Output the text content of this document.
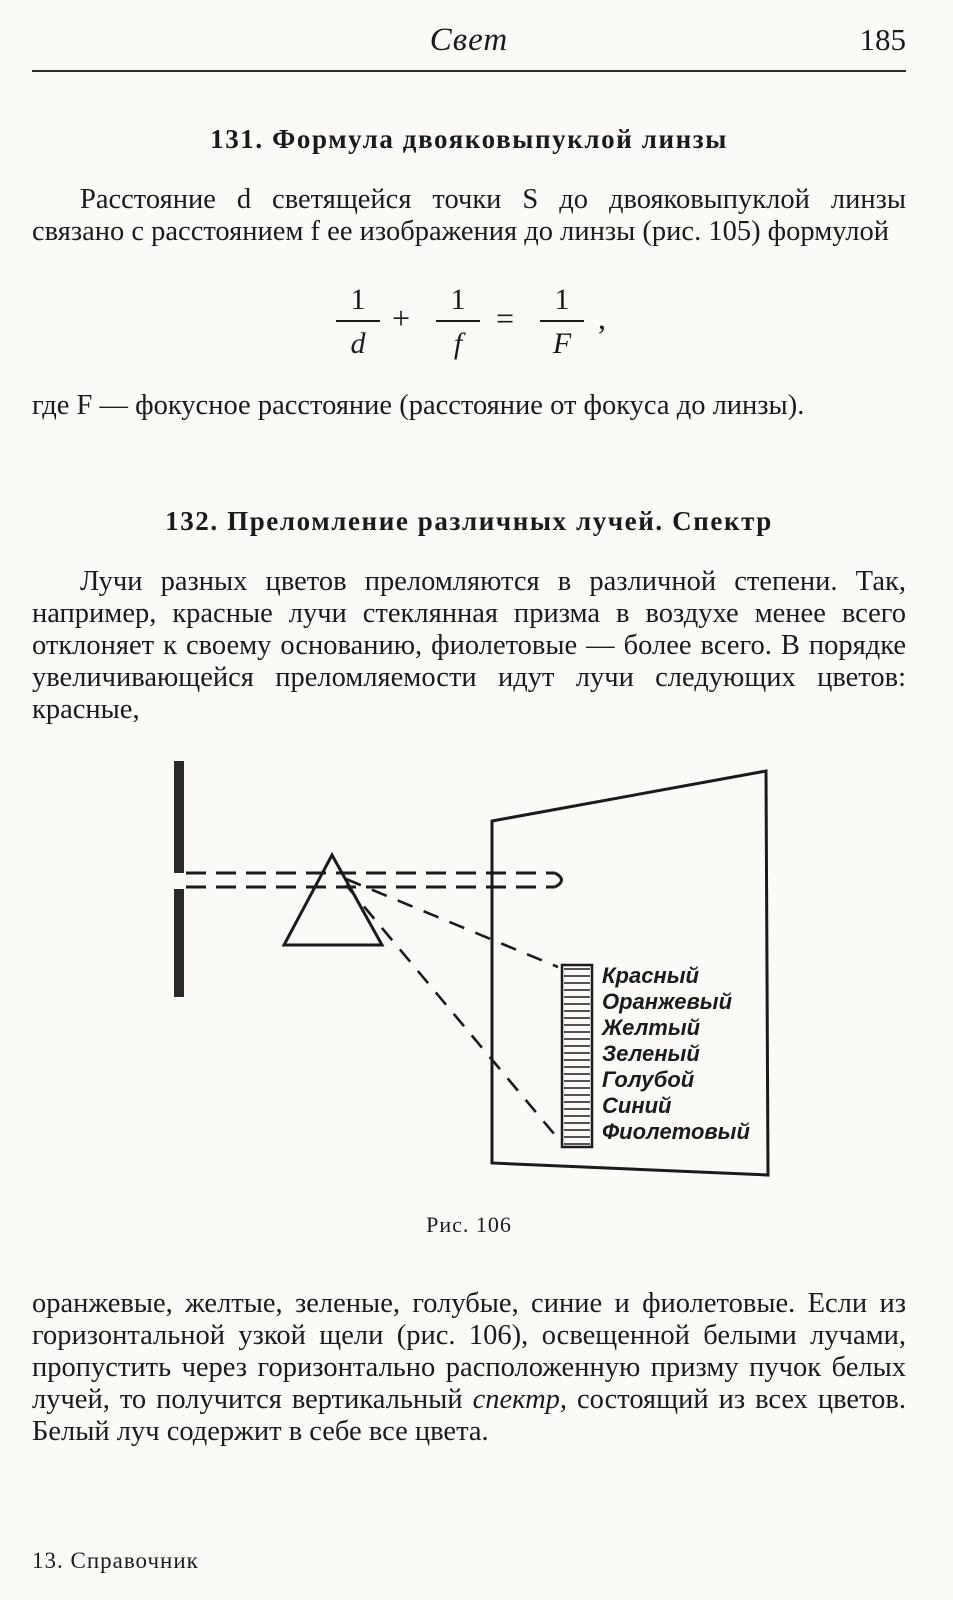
Свет	185
131. Формула двояковыпуклой линзы

Расстояние d светящейся точки S до двояковыпуклой линзы связано с расстоянием f ее изображения до линзы (рис. 105) формулой

1
d
+
1
f
=
1
F
,

где F — фокусное расстояние (расстояние от фокуса до линзы).

132. Преломление различных лучей. Спектр

Лучи разных цветов преломляются в различной степени. Так, например, красные лучи стеклянная призма в воздухе менее всего отклоняет к своему основанию, фиолетовые — более всего. В порядке увеличивающейся преломляемости идут лучи следующих цветов: красные,

Красный
Оранжевый
Желтый
Зеленый
Голубой
Синий
Фиолетовый
Рис. 106

оранжевые, желтые, зеленые, голубые, синие и фиолетовые. Если из горизонтальной узкой щели (рис. 106), освещенной белыми лучами, пропустить через горизонтально расположенную призму пучок белых лучей, то получится вертикальный спектр, состоящий из всех цветов. Белый луч содержит в себе все цвета.

13. Справочник
